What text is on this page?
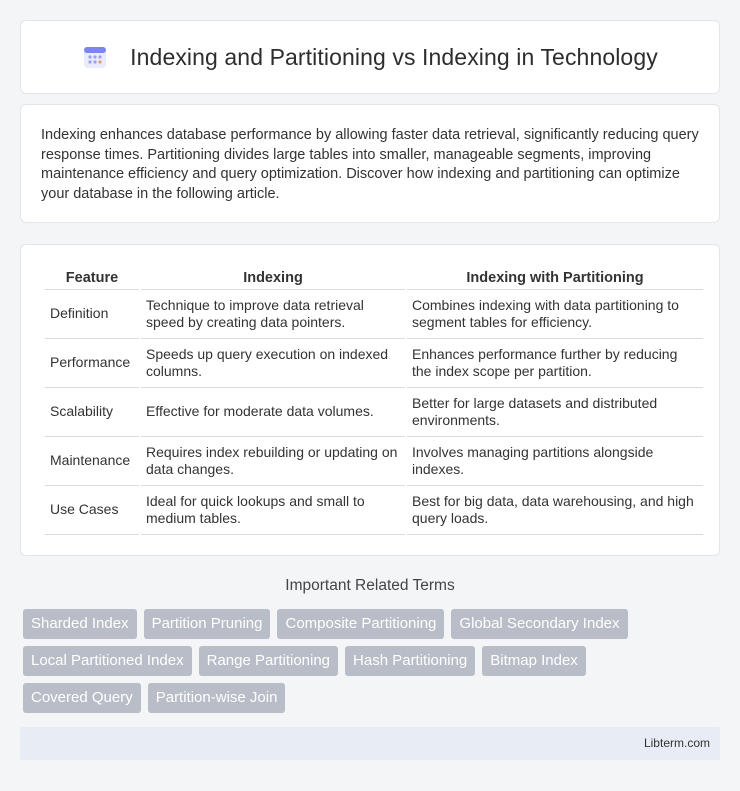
Indexing and Partitioning vs Indexing in Technology

Indexing enhances database performance by allowing faster data retrieval, significantly reducing query response times. Partitioning divides large tables into smaller, manageable segments, improving maintenance efficiency and query optimization. Discover how indexing and partitioning can optimize your database in the following article.

Feature	Indexing	Indexing with Partitioning
Definition	Technique to improve data retrieval speed by creating data pointers.	Combines indexing with data partitioning to segment tables for efficiency.
Performance	Speeds up query execution on indexed columns.	Enhances performance further by reducing the index scope per partition.
Scalability	Effective for moderate data volumes.	Better for large datasets and distributed environments.
Maintenance	Requires index rebuilding or updating on data changes.	Involves managing partitions alongside indexes.
Use Cases	Ideal for quick lookups and small to medium tables.	Best for big data, data warehousing, and high query loads.
Important Related Terms
Sharded Index	Partition Pruning	Composite Partitioning	Global Secondary Index
Local Partitioned Index	Range Partitioning	Hash Partitioning	Bitmap Index
Covered Query	Partition-wise Join
Libterm.com
